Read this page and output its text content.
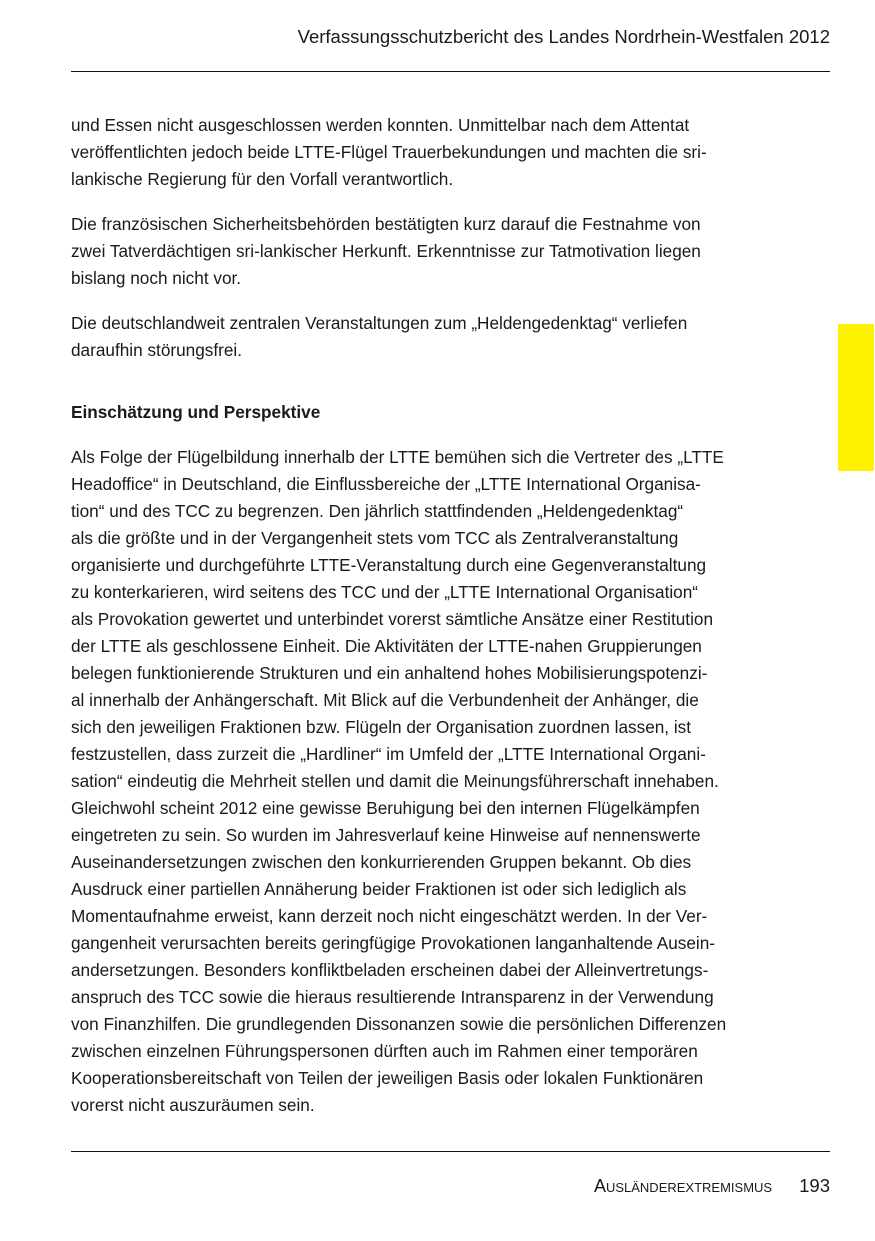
Verfassungsschutzbericht des Landes Nordrhein-Westfalen 2012
und Essen nicht ausgeschlossen werden konnten. Unmittelbar nach dem Attentat
veröffentlichten jedoch beide LTTE-Flügel Trauerbekundungen und machten die sri-
lankische Regierung für den Vorfall verantwortlich.
Die französischen Sicherheitsbehörden bestätigten kurz darauf die Festnahme von
zwei Tatverdächtigen sri-lankischer Herkunft. Erkenntnisse zur Tatmotivation liegen
bislang noch nicht vor.
Die deutschlandweit zentralen Veranstaltungen zum „Heldengedenktag“ verliefen
daraufhin störungsfrei.
Einschätzung und Perspektive
Als Folge der Flügelbildung innerhalb der LTTE bemühen sich die Vertreter des „LTTE
Headoffice“ in Deutschland, die Einflussbereiche der „LTTE International Organisa-
tion“ und des TCC zu begrenzen. Den jährlich stattfindenden „Heldengedenktag“
als die größte und in der Vergangenheit stets vom TCC als Zentralveranstaltung
organisierte und durchgeführte LTTE-Veranstaltung durch eine Gegenveranstaltung
zu konterkarieren, wird seitens des TCC und der „LTTE International Organisation“
als Provokation gewertet und unterbindet vorerst sämtliche Ansätze einer Restitution
der LTTE als geschlossene Einheit. Die Aktivitäten der LTTE-nahen Gruppierungen
belegen funktionierende Strukturen und ein anhaltend hohes Mobilisierungspotenzi-
al innerhalb der Anhängerschaft. Mit Blick auf die Verbundenheit der Anhänger, die
sich den jeweiligen Fraktionen bzw. Flügeln der Organisation zuordnen lassen, ist
festzustellen, dass zurzeit die „Hardliner“ im Umfeld der „LTTE International Organi-
sation“ eindeutig die Mehrheit stellen und damit die Meinungsführerschaft innehaben.
Gleichwohl scheint 2012 eine gewisse Beruhigung bei den internen Flügelkämpfen
eingetreten zu sein. So wurden im Jahresverlauf keine Hinweise auf nennenswerte
Auseinandersetzungen zwischen den konkurrierenden Gruppen bekannt. Ob dies
Ausdruck einer partiellen Annäherung beider Fraktionen ist oder sich lediglich als
Momentaufnahme erweist, kann derzeit noch nicht eingeschätzt werden. In der Ver-
gangenheit verursachten bereits geringfügige Provokationen langanhaltende Ausein-
andersetzungen. Besonders konfliktbeladen erscheinen dabei der Alleinvertretungs-
anspruch des TCC sowie die hieraus resultierende Intransparenz in der Verwendung
von Finanzhilfen. Die grundlegenden Dissonanzen sowie die persönlichen Differenzen
zwischen einzelnen Führungspersonen dürften auch im Rahmen einer temporären
Kooperationsbereitschaft von Teilen der jeweiligen Basis oder lokalen Funktionären
vorerst nicht auszuräumen sein.
Ausländerextremismus 193
